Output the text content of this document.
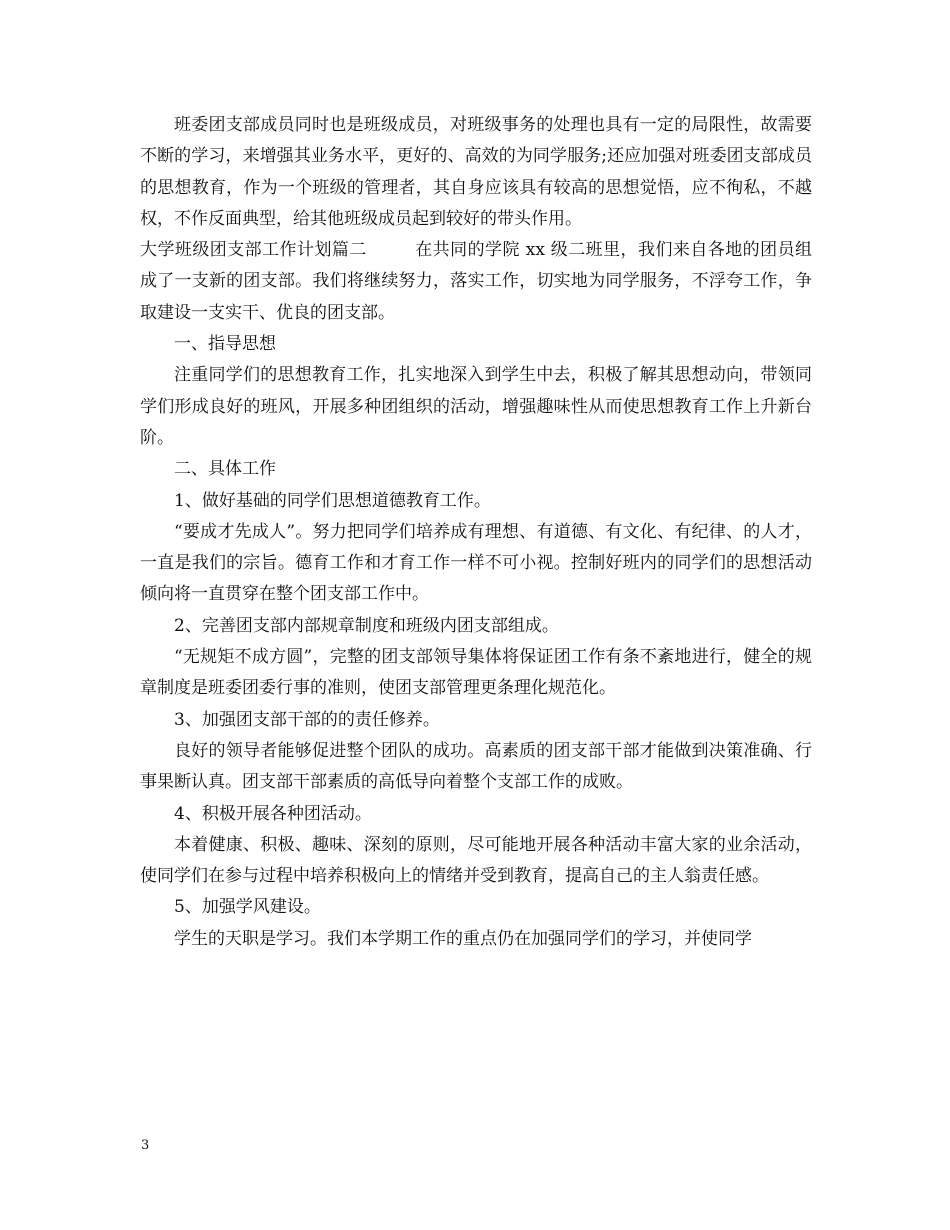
班委团支部成员同时也是班级成员，对班级事务的处理也具有一定的局限性，故需要不断的学习，来增强其业务水平，更好的、高效的为同学服务;还应加强对班委团支部成员的思想教育，作为一个班级的管理者，其自身应该具有较高的思想觉悟，应不徇私，不越权，不作反面典型，给其他班级成员起到较好的带头作用。

大学班级团支部工作计划篇二	在共同的学院 xx 级二班里，我们来自各地的团员组成了一支新的团支部。我们将继续努力，落实工作，切实地为同学服务，不浮夸工作，争取建设一支实干、优良的团支部。

一、指导思想

注重同学们的思想教育工作，扎实地深入到学生中去，积极了解其思想动向，带领同学们形成良好的班风，开展多种团组织的活动，增强趣味性从而使思想教育工作上升新台阶。

二、具体工作

1、做好基础的同学们思想道德教育工作。

“要成才先成人”。努力把同学们培养成有理想、有道德、有文化、有纪律、的人才，一直是我们的宗旨。德育工作和才育工作一样不可小视。控制好班内的同学们的思想活动倾向将一直贯穿在整个团支部工作中。

2、完善团支部内部规章制度和班级内团支部组成。

“无规矩不成方圆”，完整的团支部领导集体将保证团工作有条不紊地进行，健全的规章制度是班委团委行事的准则，使团支部管理更条理化规范化。

3、加强团支部干部的的责任修养。

良好的领导者能够促进整个团队的成功。高素质的团支部干部才能做到决策准确、行事果断认真。团支部干部素质的高低导向着整个支部工作的成败。

4、积极开展各种团活动。

本着健康、积极、趣味、深刻的原则，尽可能地开展各种活动丰富大家的业余活动，使同学们在参与过程中培养积极向上的情绪并受到教育，提高自己的主人翁责任感。

5、加强学风建设。

学生的天职是学习。我们本学期工作的重点仍在加强同学们的学习，并使同学

3
